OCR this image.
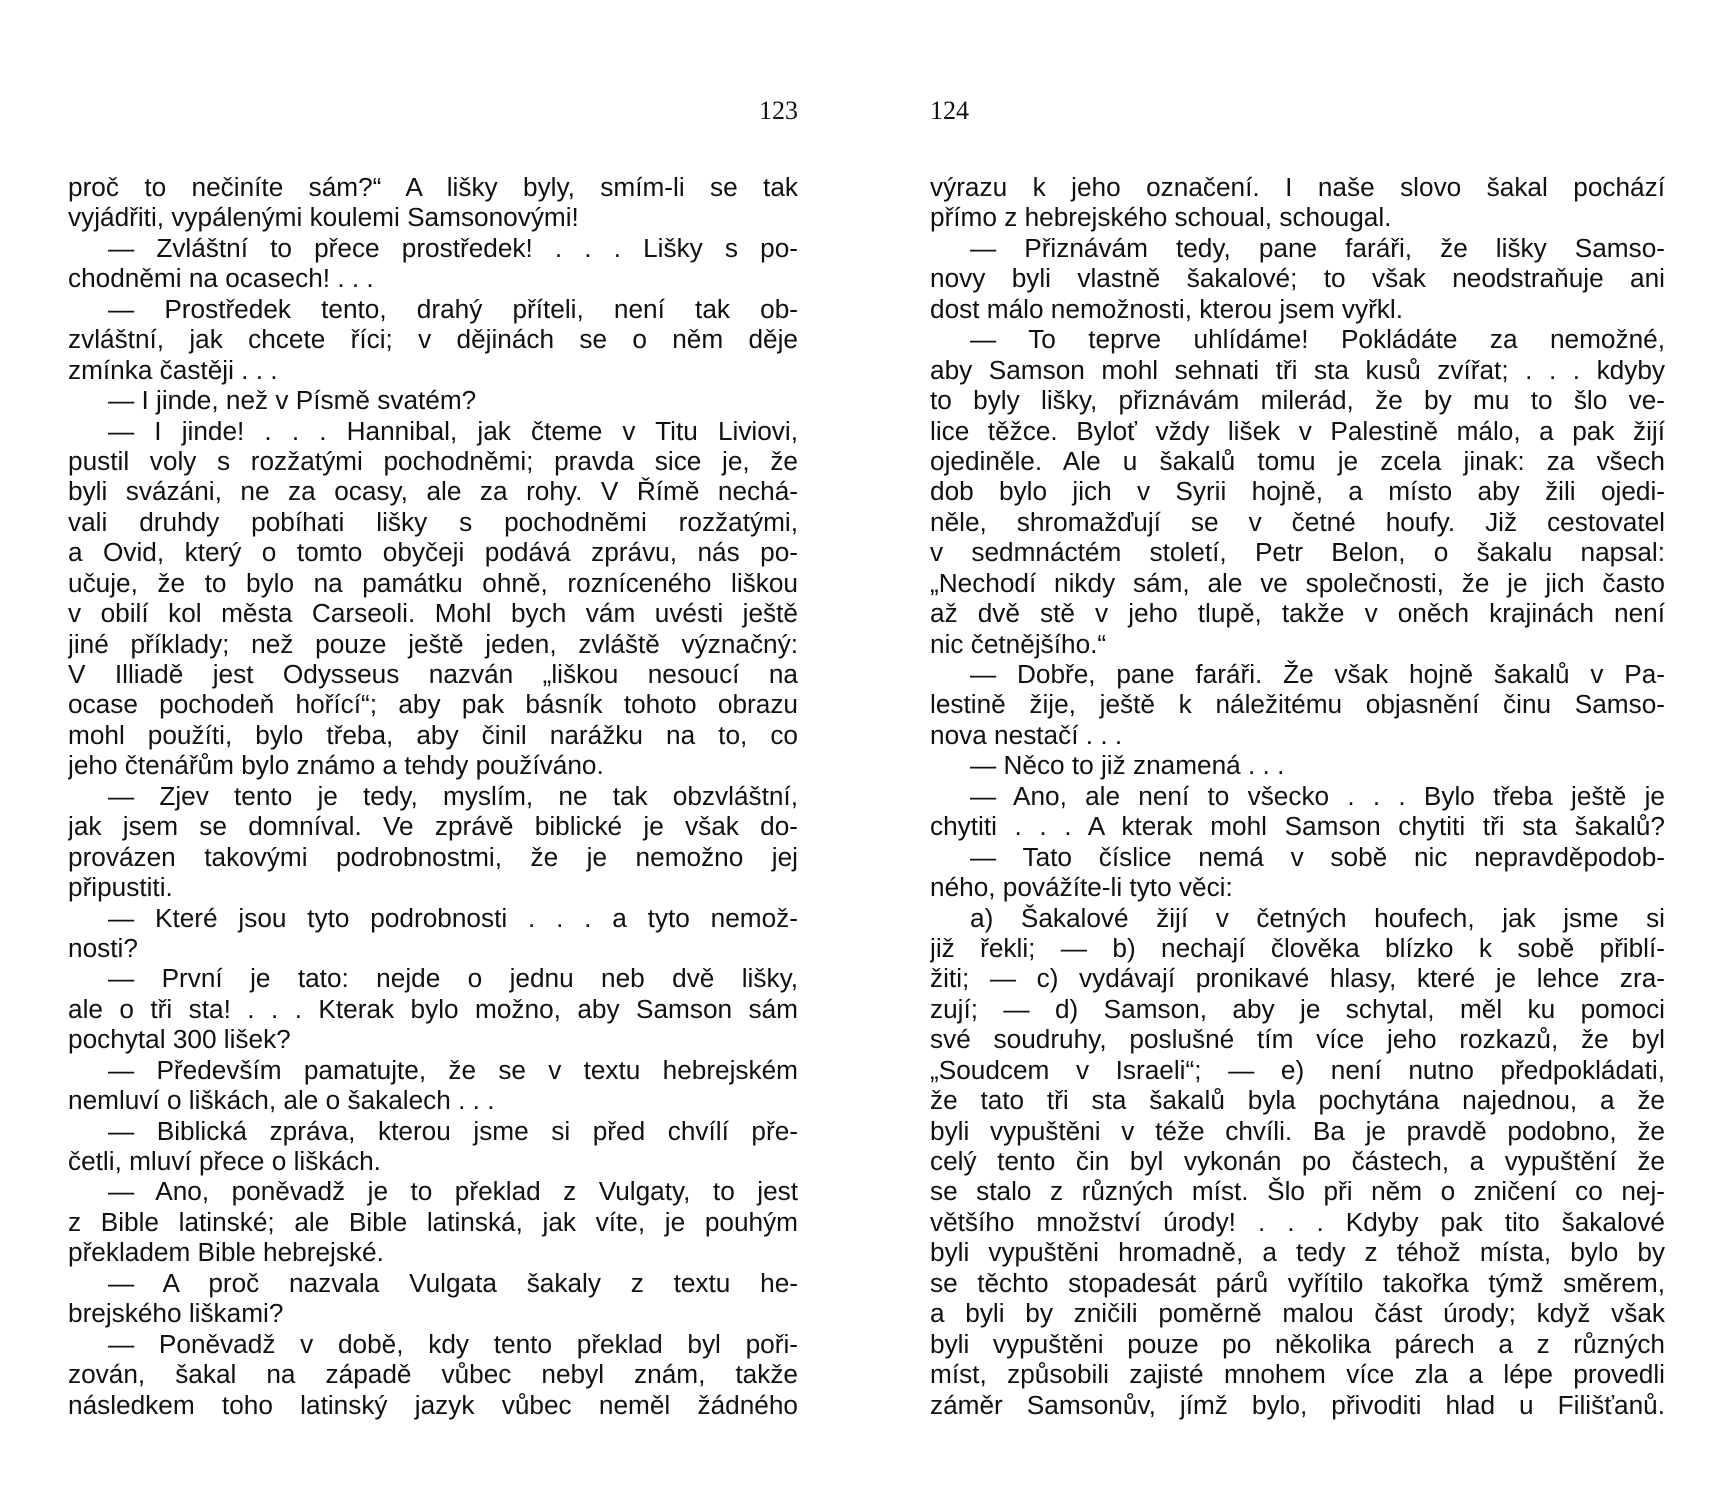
123
proč to nečiníte sám?“ A lišky byly, smím-li se tak
vyjádřiti, vypálenými koulemi Samsonovými!
— Zvláštní to přece prostředek! . . . Lišky s po-
chodněmi na ocasech! . . .
— Prostředek tento, drahý příteli, není tak ob-
zvláštní, jak chcete říci; v dějinách se o něm děje
zmínka častěji . . .
— I jinde, než v Písmě svatém?
— I jinde! . . . Hannibal, jak čteme v Titu Liviovi,
pustil voly s rozžatými pochodněmi; pravda sice je, že
byli svázáni, ne za ocasy, ale za rohy. V Římě nechá-
vali druhdy pobíhati lišky s pochodněmi rozžatými,
a Ovid, který o tomto obyčeji podává zprávu, nás po-
učuje, že to bylo na památku ohně, rozníceného liškou
v obilí kol města Carseoli. Mohl bych vám uvésti ještě
jiné příklady; než pouze ještě jeden, zvláště význačný:
V Illiadě jest Odysseus nazván „liškou nesoucí na
ocase pochodeň hořící“; aby pak básník tohoto obrazu
mohl použíti, bylo třeba, aby činil narážku na to, co
jeho čtenářům bylo známo a tehdy používáno.
— Zjev tento je tedy, myslím, ne tak obzvláštní,
jak jsem se domníval. Ve zprávě biblické je však do-
provázen takovými podrobnostmi, že je nemožno jej
připustiti.
— Které jsou tyto podrobnosti . . . a tyto nemož-
nosti?
— První je tato: nejde o jednu neb dvě lišky,
ale o tři sta! . . . Kterak bylo možno, aby Samson sám
pochytal 300 lišek?
— Především pamatujte, že se v textu hebrejském
nemluví o liškách, ale o šakalech . . .
— Biblická zpráva, kterou jsme si před chvílí pře-
četli, mluví přece o liškách.
— Ano, poněvadž je to překlad z Vulgaty, to jest
z Bible latinské; ale Bible latinská, jak víte, je pouhým
překladem Bible hebrejské.
— A proč nazvala Vulgata šakaly z textu he-
brejského liškami?
— Poněvadž v době, kdy tento překlad byl poři-
zován, šakal na západě vůbec nebyl znám, takže
následkem toho latinský jazyk vůbec neměl žádného
124
výrazu k jeho označení. I naše slovo šakal pochází
přímo z hebrejského schoual, schougal.
— Přiznávám tedy, pane faráři, že lišky Samso-
novy byli vlastně šakalové; to však neodstraňuje ani
dost málo nemožnosti, kterou jsem vyřkl.
— To teprve uhlídáme! Pokládáte za nemožné,
aby Samson mohl sehnati tři sta kusů zvířat; . . . kdyby
to byly lišky, přiznávám milerád, že by mu to šlo ve-
lice těžce. Byloť vždy lišek v Palestině málo, a pak žijí
ojediněle. Ale u šakalů tomu je zcela jinak: za všech
dob bylo jich v Syrii hojně, a místo aby žili ojedi-
něle, shromažďují se v četné houfy. Již cestovatel
v sedmnáctém století, Petr Belon, o šakalu napsal:
„Nechodí nikdy sám, ale ve společnosti, že je jich často
až dvě stě v jeho tlupě, takže v oněch krajinách není
nic četnějšího.“
— Dobře, pane faráři. Že však hojně šakalů v Pa-
lestině žije, ještě k náležitému objasnění činu Samso-
nova nestačí . . .
— Něco to již znamená . . .
— Ano, ale není to všecko . . . Bylo třeba ještě je
chytiti . . . A kterak mohl Samson chytiti tři sta šakalů?
— Tato číslice nemá v sobě nic nepravděpodob-
ného, povážíte-li tyto věci:
a) Šakalové žijí v četných houfech, jak jsme si
již řekli; — b) nechají člověka blízko k sobě přiblí-
žiti; — c) vydávají pronikavé hlasy, které je lehce zra-
zují; — d) Samson, aby je schytal, měl ku pomoci
své soudruhy, poslušné tím více jeho rozkazů, že byl
„Soudcem v Israeli“; — e) není nutno předpokládati,
že tato tři sta šakalů byla pochytána najednou, a že
byli vypuštěni v téže chvíli. Ba je pravdě podobno, že
celý tento čin byl vykonán po částech, a vypuštění že
se stalo z různých míst. Šlo při něm o zničení co nej-
většího množství úrody! . . . Kdyby pak tito šakalové
byli vypuštěni hromadně, a tedy z téhož místa, bylo by
se těchto stopadesát párů vyřítilo takořka týmž směrem,
a byli by zničili poměrně malou část úrody; když však
byli vypuštěni pouze po několika párech a z různých
míst, způsobili zajisté mnohem více zla a lépe provedli
záměr Samsonův, jímž bylo, přivoditi hlad u Filišťanů.
